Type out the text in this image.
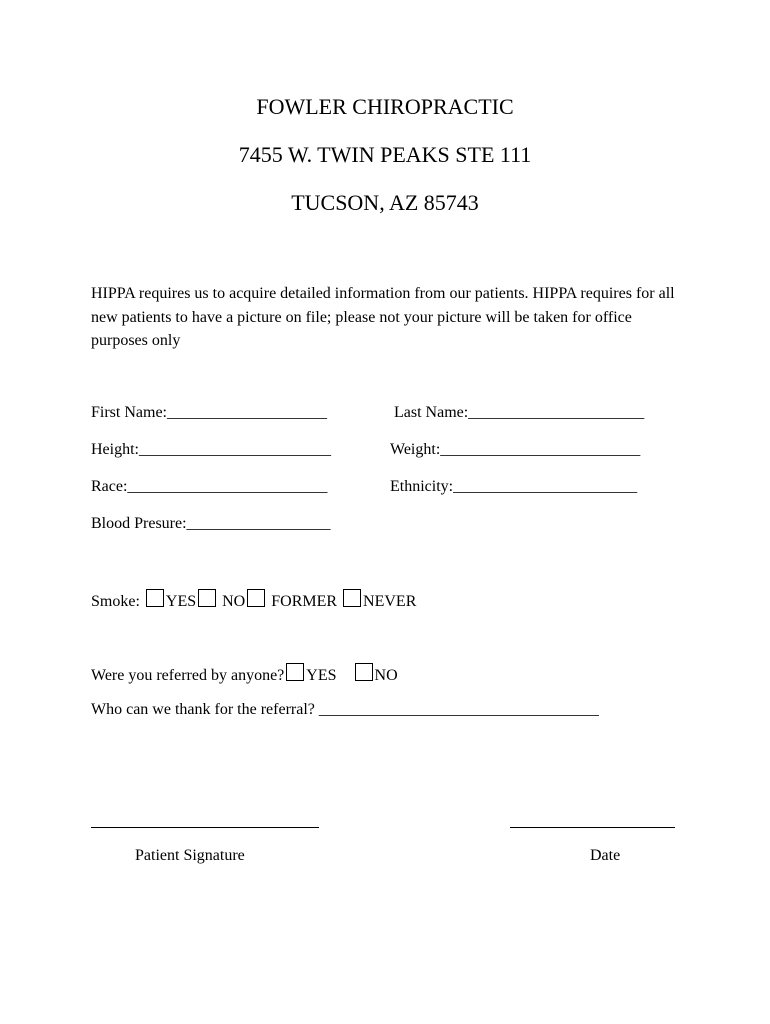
FOWLER CHIROPRACTIC
7455 W. TWIN PEAKS STE 111
TUCSON, AZ 85743
HIPPA requires us to acquire detailed information from our patients. HIPPA requires for all new patients to have a picture on file; please not your picture will be taken for office purposes only
First Name:____________________	Last Name:______________________
Height:________________________	Weight:_________________________
Race:_________________________	Ethnicity:_______________________
Blood Presure:__________________
Smoke: YES NO FORMER NEVER
Were you referred by anyone? YES NO
Who can we thank for the referral? ___________________________________
Patient Signature	Date
